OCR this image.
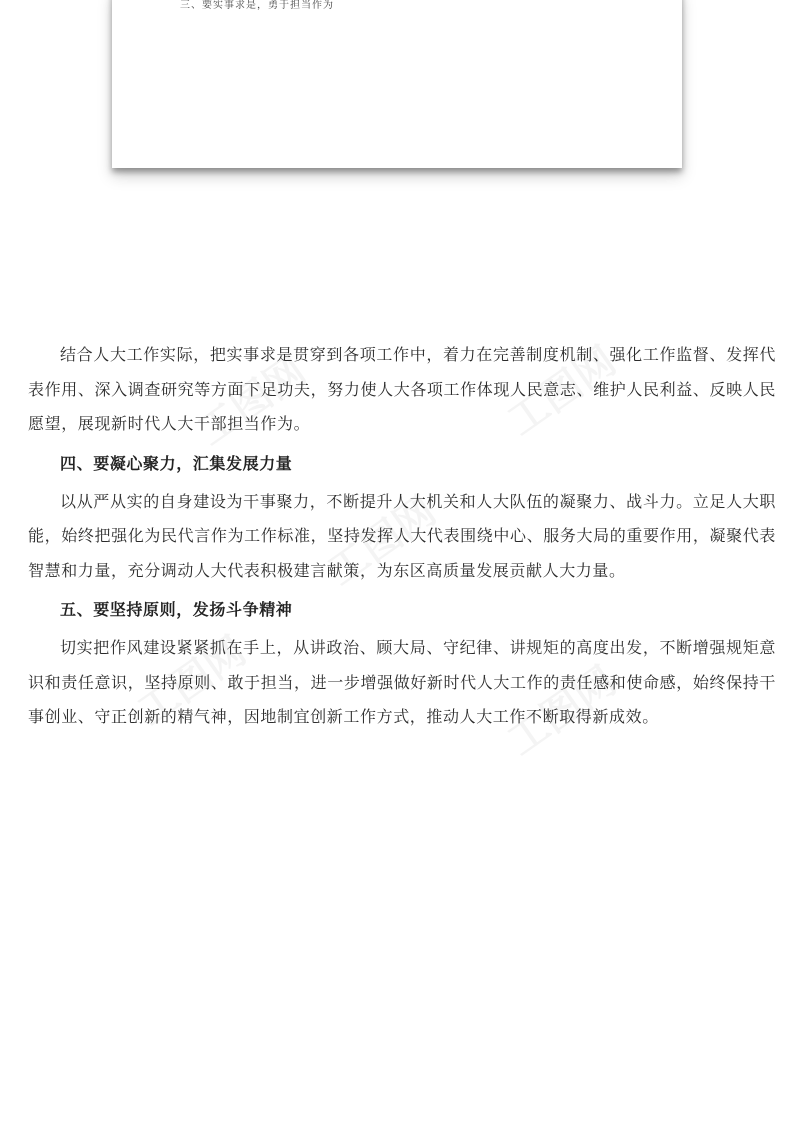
三、要实事求是，勇于担当作为

结合人大工作实际，把实事求是贯穿到各项工作中，着力在完善制度机制、强化工作监督、发挥代表作用、深入调查研究等方面下足功夫，努力使人大各项工作体现人民意志、维护人民利益、反映人民愿望，展现新时代人大干部担当作为。

四、要凝心聚力，汇集发展力量

以从严从实的自身建设为干事聚力，不断提升人大机关和人大队伍的凝聚力、战斗力。立足人大职能，始终把强化为民代言作为工作标准，坚持发挥人大代表围绕中心、服务大局的重要作用，凝聚代表智慧和力量，充分调动人大代表积极建言献策，为东区高质量发展贡献人大力量。

五、要坚持原则，发扬斗争精神

切实把作风建设紧紧抓在手上，从讲政治、顾大局、守纪律、讲规矩的高度出发，不断增强规矩意识和责任意识，坚持原则、敢于担当，进一步增强做好新时代人大工作的责任感和使命感，始终保持干事创业、守正创新的精气神，因地制宜创新工作方式，推动人大工作不断取得新成效。
